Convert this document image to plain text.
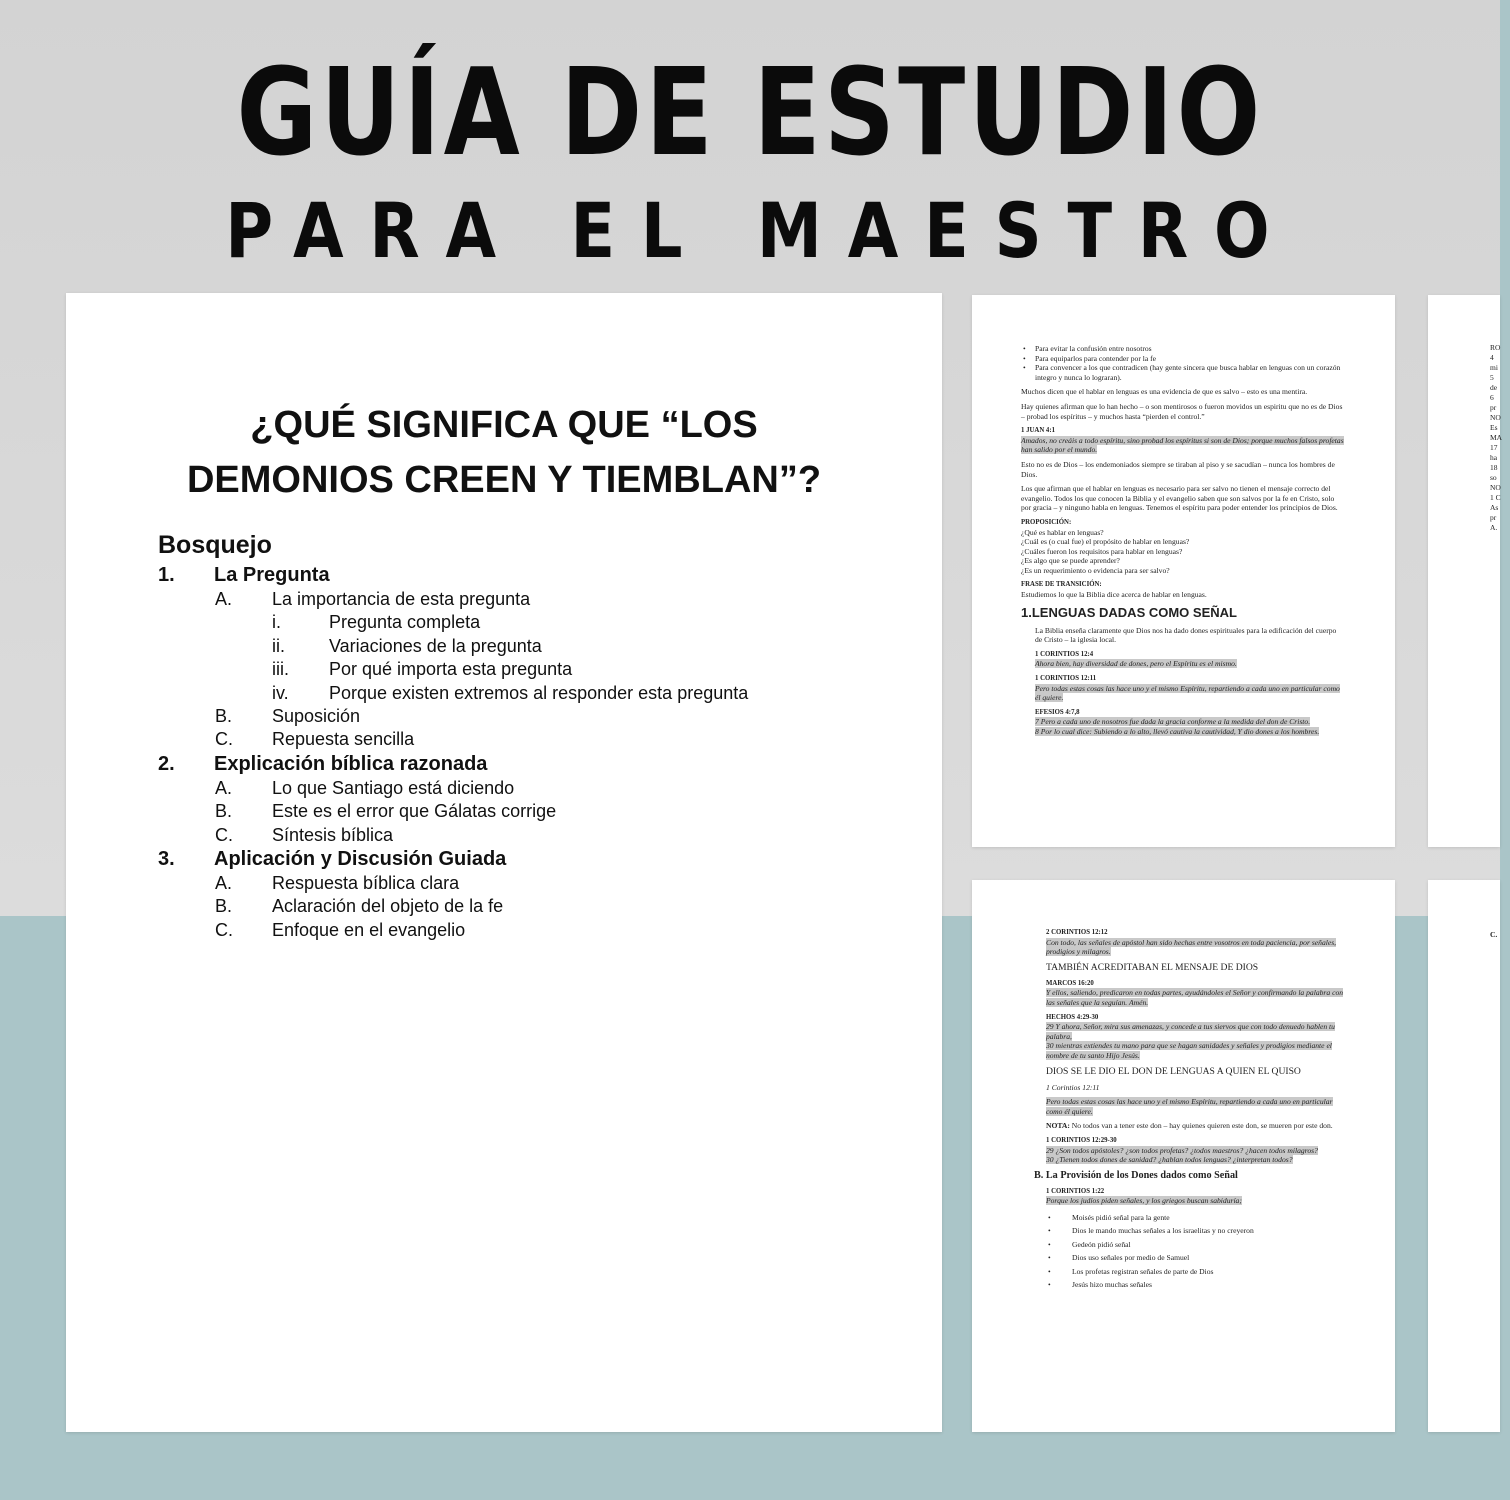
GUÍA DE ESTUDIO
PARA EL MAESTRO
¿QUÉ SIGNIFICA QUE “LOS
DEMONIOS CREEN Y TIEMBLAN”?
Bosquejo
1. La Pregunta
A. La importancia de esta pregunta
i.	Pregunta completa
ii. Variaciones de la pregunta
iii. Por qué importa esta pregunta
iv. Porque existen extremos al responder esta pregunta
B. Suposición
C. Repuesta sencilla
2. Explicación bíblica razonada
A. Lo que Santiago está diciendo
B. Este es el error que Gálatas corrige
C. Síntesis bíblica
3. Aplicación y Discusión Guiada
A. Respuesta bíblica clara
B. Aclaración del objeto de la fe
C. Enfoque en el evangelio
• Para evitar la confusión entre nosotros
• Para equiparlos para contender por la fe
• Para convencer a los que contradicen (hay gente sincera que busca hablar en lenguas con un corazón integro y nunca lo lograran).

Muchos dicen que el hablar en lenguas es una evidencia de que es salvo – esto es una mentira.

Hay quienes afirman que lo han hecho – o son mentirosos o fueron movidos un espiritu que no es de Dios – probad los espíritus – y muchos hasta “pierden el control.”

1 JUAN 4:1

Amados, no creáis a todo espíritu, sino probad los espíritus si son de Dios; porque muchos falsos profetas han salido por el mundo.

Esto no es de Dios – los endemoniados siempre se tiraban al piso y se sacudían – nunca los hombres de Dios.

Los que afirman que el hablar en lenguas es necesario para ser salvo no tienen el mensaje correcto del evangelio. Todos los que conocen la Biblia y el evangelio saben que son salvos por la fe en Cristo, solo por gracia – y ninguno habla en lenguas. Tenemos el espíritu para poder entender los principios de Dios.

PROPOSICIÓN:
¿Qué es hablar en lenguas?
¿Cuál es (o cual fue) el propósito de hablar en lenguas?
¿Cuáles fueron los requisitos para hablar en lenguas?
¿Es algo que se puede aprender?
¿Es un requerimiento o evidencia para ser salvo?
FRASE DE TRANSICIÓN:

Estudiemos lo que la Biblia dice acerca de hablar en lenguas.

1.LENGUAS DADAS COMO SEÑAL

La Biblia enseña claramente que Dios nos ha dado dones espirituales para la edificación del cuerpo de Cristo – la iglesia local.

1 CORINTIOS 12:4

Ahora bien, hay diversidad de dones, pero el Espíritu es el mismo.

1 CORINTIOS 12:11

Pero todas estas cosas las hace uno y el mismo Espíritu, repartiendo a cada uno en particular como él quiere.

EFESIOS 4:7,8
7 Pero a cada uno de nosotros fue dada la gracia conforme a la medida del don de Cristo.
8 Por lo cual dice: Subiendo a lo alto, llevó cautiva la cautividad, Y dio dones a los hombres.
2 CORINTIOS 12:12

Con todo, las señales de apóstol han sido hechas entre vosotros en toda paciencia, por señales, prodigios y milagros.

TAMBIÉN ACREDITABAN EL MENSAJE DE DIOS
MARCOS 16:20

Y ellos, saliendo, predicaron en todas partes, ayudándoles el Señor y confirmando la palabra con las señales que la seguían. Amén.

HECHOS 4:29-30
29 Y ahora, Señor, mira sus amenazas, y concede a tus siervos que con todo denuedo hablen tu palabra,

30 mientras extiendes tu mano para que se hagan sanidades y señales y prodigios mediante el nombre de tu santo Hijo Jesús.

DIOS SE LE DIO EL DON DE LENGUAS A QUIEN EL QUISO

1 Corintios 12:11

Pero todas estas cosas las hace uno y el mismo Espíritu, repartiendo a cada uno en particular como él quiere.

NOTA: No todos van a tener este don – hay quienes quieren este don, se mueren por este don.

1 CORINTIOS 12:29-30
29 ¿Son todos apóstoles? ¿son todos profetas? ¿todos maestros? ¿hacen todos milagros?

30 ¿Tienen todos dones de sanidad? ¿hablan todos lenguas? ¿interpretan todos?

B. La Provisión de los Dones dados como Señal
1 CORINTIOS 1:22

Porque los judíos piden señales, y los griegos buscan sabiduría;

• Moisés pidió señal para la gente
• Dios le mando muchas señales a los israelitas y no creyeron
• Gedeón pidió señal
• Dios uso señales por medio de Samuel
• Los profetas registran señales de parte de Dios
• Jesús hizo muchas señales
RO
4
mi
5
de
6
pr
NO
Es
MA
17
ha
18
so
NO
1 C
As
pr
A.
C.
